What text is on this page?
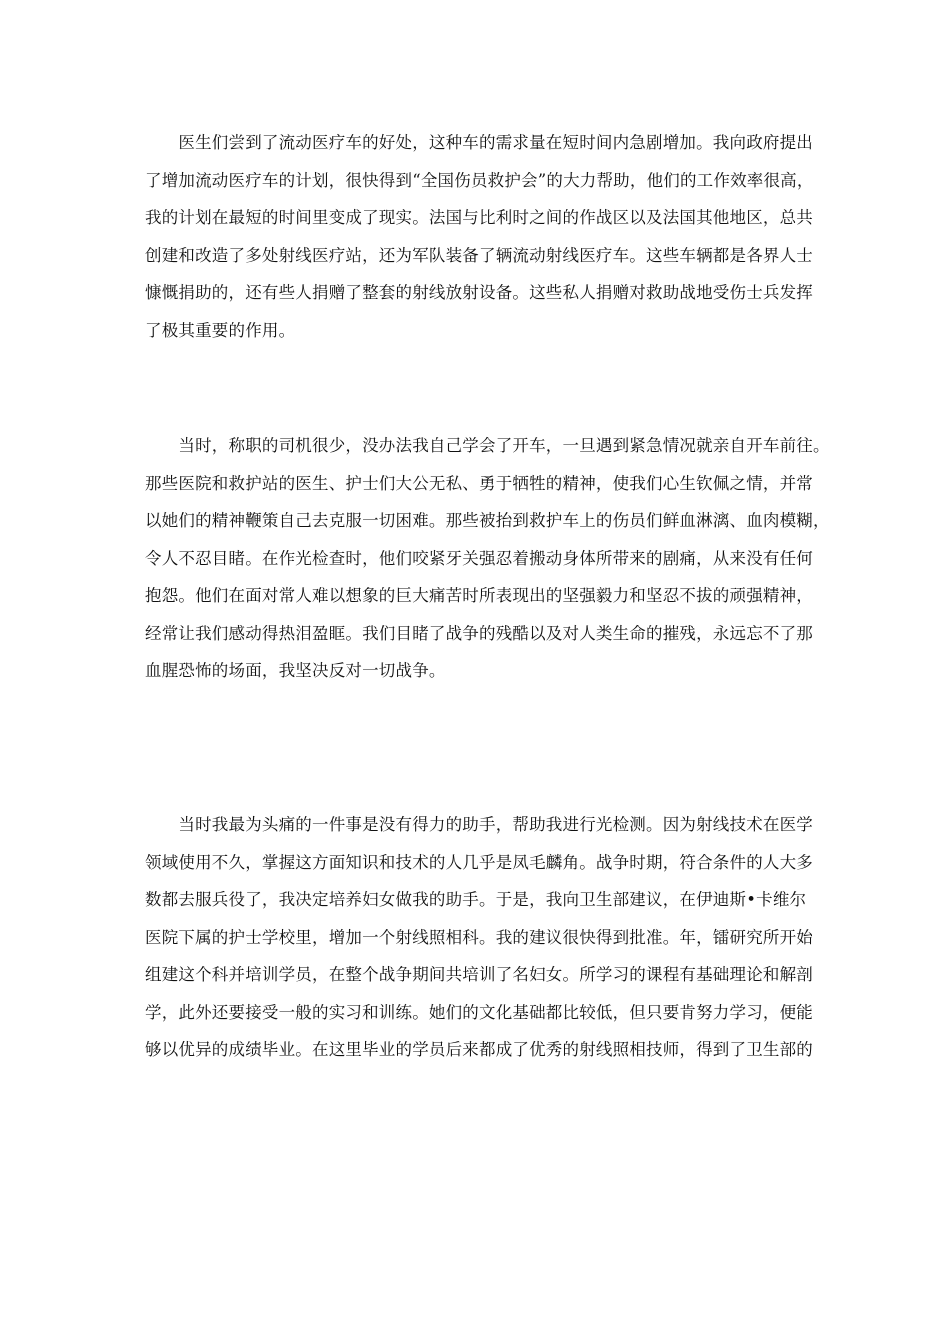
　　医生们尝到了流动医疗车的好处，这种车的需求量在短时间内急剧增加。我向政府提出
了增加流动医疗车的计划，很快得到“全国伤员救护会”的大力帮助，他们的工作效率很高，
我的计划在最短的时间里变成了现实。法国与比利时之间的作战区以及法国其他地区，总共
创建和改造了多处射线医疗站，还为军队装备了辆流动射线医疗车。这些车辆都是各界人士
慷慨捐助的，还有些人捐赠了整套的射线放射设备。这些私人捐赠对救助战地受伤士兵发挥
了极其重要的作用。
　　当时，称职的司机很少，没办法我自己学会了开车，一旦遇到紧急情况就亲自开车前往。
那些医院和救护站的医生、护士们大公无私、勇于牺牲的精神，使我们心生钦佩之情，并常
以她们的精神鞭策自己去克服一切困难。那些被抬到救护车上的伤员们鲜血淋漓、血肉模糊，
令人不忍目睹。在作光检查时，他们咬紧牙关强忍着搬动身体所带来的剧痛，从来没有任何
抱怨。他们在面对常人难以想象的巨大痛苦时所表现出的坚强毅力和坚忍不拔的顽强精神，
经常让我们感动得热泪盈眶。我们目睹了战争的残酷以及对人类生命的摧残，永远忘不了那
血腥恐怖的场面，我坚决反对一切战争。
　　当时我最为头痛的一件事是没有得力的助手，帮助我进行光检测。因为射线技术在医学
领域使用不久，掌握这方面知识和技术的人几乎是凤毛麟角。战争时期，符合条件的人大多
数都去服兵役了，我决定培养妇女做我的助手。于是，我向卫生部建议，在伊迪斯•卡维尔
医院下属的护士学校里，增加一个射线照相科。我的建议很快得到批准。年，镭研究所开始
组建这个科并培训学员，在整个战争期间共培训了名妇女。所学习的课程有基础理论和解剖
学，此外还要接受一般的实习和训练。她们的文化基础都比较低，但只要肯努力学习，便能
够以优异的成绩毕业。在这里毕业的学员后来都成了优秀的射线照相技师，得到了卫生部的
